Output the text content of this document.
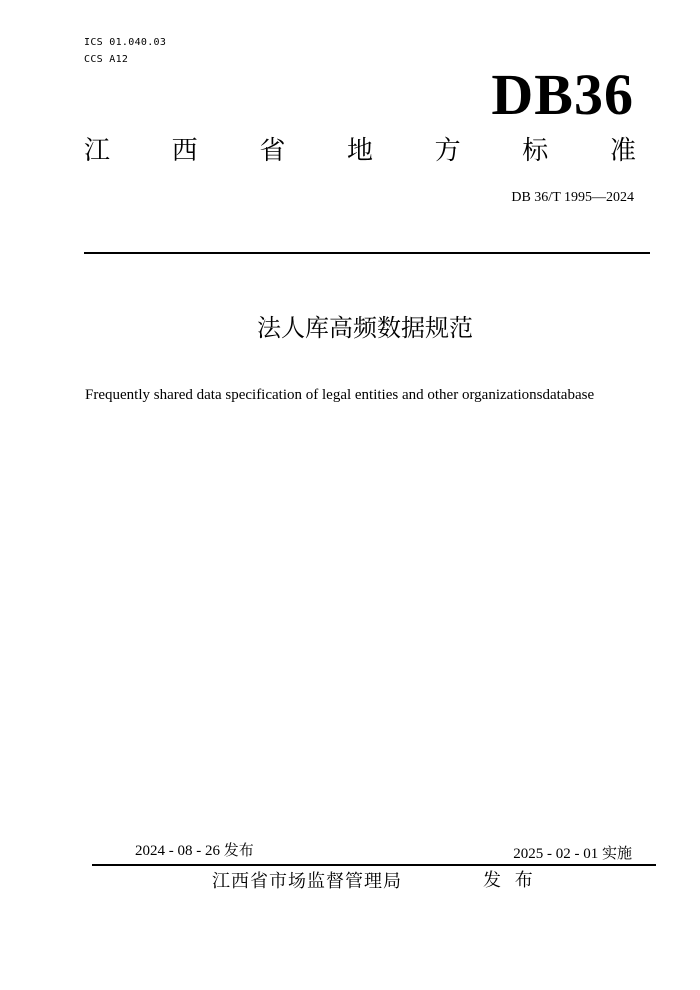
ICS 01.040.03
CCS A12
DB36
江 西 省 地 方 标 准
DB 36/T 1995—2024
法人库高频数据规范
Frequently shared data specification of legal entities and other organizationsdatabase
2024 - 08 - 26 发布	2025 - 02 - 01 实施
江西省市场监督管理局	发 布
